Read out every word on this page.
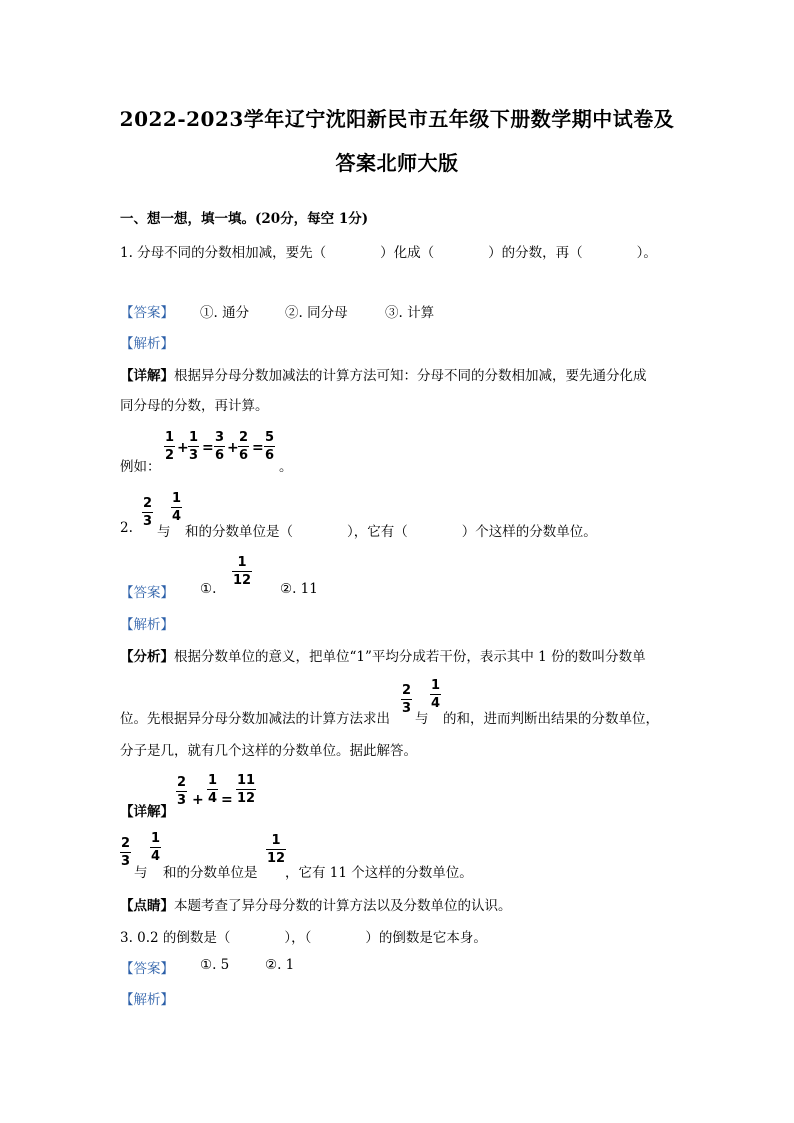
2022-2023学年辽宁沈阳新民市五年级下册数学期中试卷及
答案北师大版
一、想一想，填一填。(20分，每空 1分)
1. 分母不同的分数相加减，要先（　　　　）化成（　　　　）的分数，再（　　　　）。
【答案】 ①. 通分	②. 同分母	③. 计算
【解析】
【详解】根据异分母分数加减法的计算方法可知：分母不同的分数相加减，要先通分化成
同分母的分数，再计算。
例如：
1
2 +
1
3 =
3
6 +
2
6 =
5
6
。
2.
2
3
与
1
4
和的分数单位是（　　　　），它有（　　　　）个这样的分数单位。
【答案】 ①.
1
12
②. 11
【解析】
【分析】根据分数单位的意义，把单位“1”平均分成若干份，表示其中 1 份的数叫分数单
位。先根据异分母分数加减法的计算方法求出
2
3
与
1
4
的和，进而判断出结果的分数单位，
分子是几，就有几个这样的分数单位。据此解答。
【详解】
2
3 +
1
4 =
11
12
2
3
与
1
4
和的分数单位是
1
12
，它有 11 个这样的分数单位。
【点睛】本题考查了异分母分数的计算方法以及分数单位的认识。
3. 0.2 的倒数是（　　　　），（　　　　）的倒数是它本身。
【答案】 ①. 5	②. 1
【解析】
